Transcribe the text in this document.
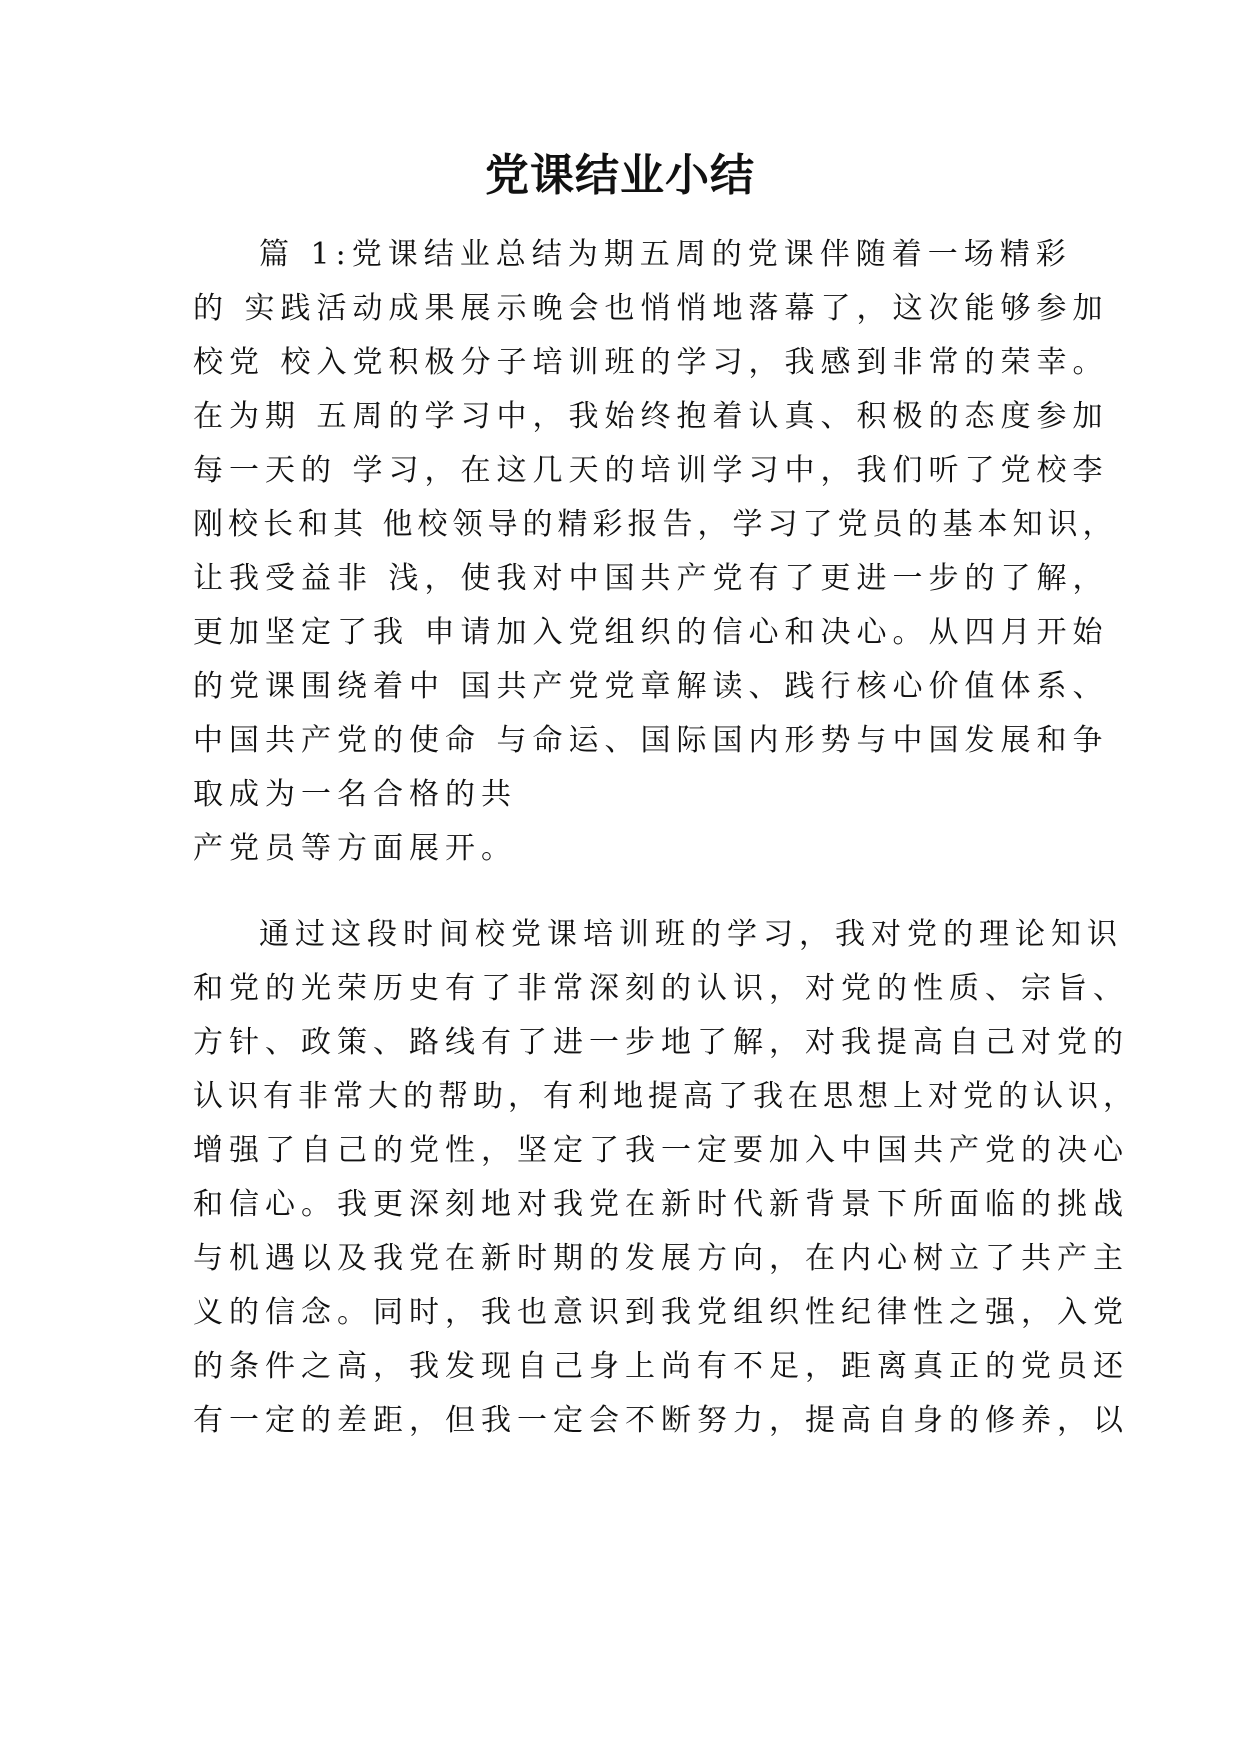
党课结业小结
篇 1:党课结业总结为期五周的党课伴随着一场精彩
的 实践活动成果展示晚会也悄悄地落幕了，这次能够参加
校党 校入党积极分子培训班的学习，我感到非常的荣幸。
在为期 五周的学习中，我始终抱着认真、积极的态度参加
每一天的 学习，在这几天的培训学习中，我们听了党校李
刚校长和其 他校领导的精彩报告，学习了党员的基本知识，
让我受益非 浅，使我对中国共产党有了更进一步的了解，
更加坚定了我 申请加入党组织的信心和决心。从四月开始
的党课围绕着中 国共产党党章解读、践行核心价值体系、
中国共产党的使命 与命运、国际国内形势与中国发展和争
取成为一名合格的共
产党员等方面展开。
通过这段时间校党课培训班的学习，我对党的理论知识
和党的光荣历史有了非常深刻的认识，对党的性质、宗旨、
方针、政策、路线有了进一步地了解，对我提高自己对党的
认识有非常大的帮助，有利地提高了我在思想上对党的认识，
增强了自己的党性，坚定了我一定要加入中国共产党的决心
和信心。我更深刻地对我党在新时代新背景下所面临的挑战
与机遇以及我党在新时期的发展方向，在内心树立了共产主
义的信念。同时，我也意识到我党组织性纪律性之强，入党
的条件之高，我发现自己身上尚有不足，距离真正的党员还
有一定的差距，但我一定会不断努力，提高自身的修养，以
